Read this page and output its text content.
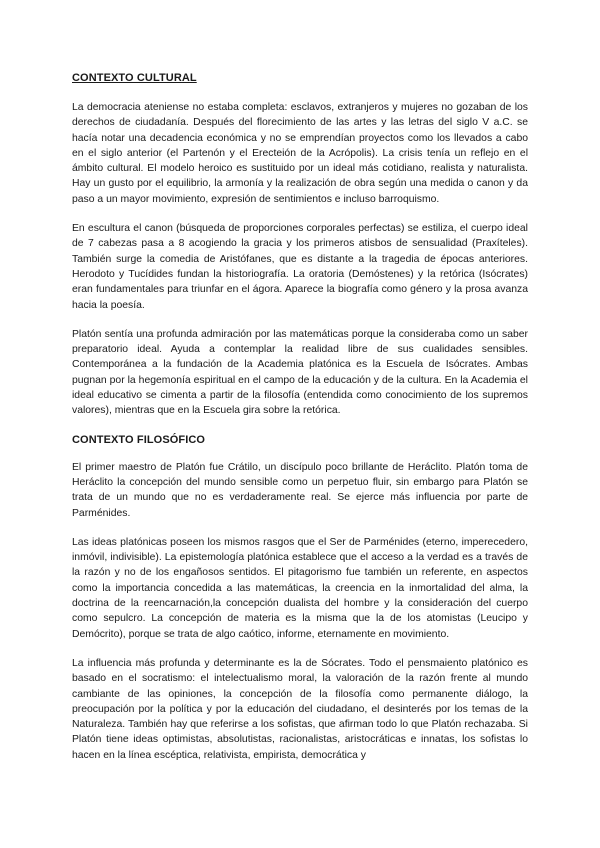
CONTEXTO CULTURAL

La democracia ateniense no estaba completa: esclavos, extranjeros y mujeres no gozaban de los derechos de ciudadanía. Después del florecimiento de las artes y las letras del siglo V a.C. se hacía notar una decadencia económica y no se emprendían proyectos como los llevados a cabo en el siglo anterior (el Partenón y el Erecteión de la Acrópolis). La crisis tenía un reflejo en el ámbito cultural. El modelo heroico es sustituido por un ideal más cotidiano, realista y naturalista. Hay un gusto por el equilibrio, la armonía y la realización de obra según una medida o canon y da paso a un mayor movimiento, expresión de sentimientos e incluso barroquismo.

En escultura el canon (búsqueda de proporciones corporales perfectas) se estiliza, el cuerpo ideal de 7 cabezas pasa a 8 acogiendo la gracia y los primeros atisbos de sensualidad (Praxíteles). También surge la comedia de Aristófanes, que es distante a la tragedia de épocas anteriores. Herodoto y Tucídides fundan la historiografía. La oratoria (Demóstenes) y la retórica (Isócrates) eran fundamentales para triunfar en el ágora. Aparece la biografía como género y la prosa avanza hacia la poesía.

Platón sentía una profunda admiración por las matemáticas porque la consideraba como un saber preparatorio ideal. Ayuda a contemplar la realidad libre de sus cualidades sensibles. Contemporánea a la fundación de la Academia platónica es la Escuela de Isócrates. Ambas pugnan por la hegemonía espiritual en el campo de la educación y de la cultura. En la Academia el ideal educativo se cimenta a partir de la filosofía (entendida como conocimiento de los supremos valores), mientras que en la Escuela gira sobre la retórica.

CONTEXTO FILOSÓFICO

El primer maestro de Platón fue Crátilo, un discípulo poco brillante de Heráclito. Platón toma de Heráclito la concepción del mundo sensible como un perpetuo fluir, sin embargo para Platón se trata de un mundo que no es verdaderamente real. Se ejerce más influencia por parte de Parménides.

Las ideas platónicas poseen los mismos rasgos que el Ser de Parménides (eterno, imperecedero, inmóvil, indivisible). La epistemología platónica establece que el acceso a la verdad es a través de la razón y no de los engañosos sentidos. El pitagorismo fue también un referente, en aspectos como la importancia concedida a las matemáticas, la creencia en la inmortalidad del alma, la doctrina de la reencarnación,la concepción dualista del hombre y la consideración del cuerpo como sepulcro. La concepción de materia es la misma que la de los atomistas (Leucipo y Demócrito), porque se trata de algo caótico, informe, eternamente en movimiento.

La influencia más profunda y determinante es la de Sócrates. Todo el pensmaiento platónico es basado en el socratismo: el intelectualismo moral, la valoración de la razón frente al mundo cambiante de las opiniones, la concepción de la filosofía como permanente diálogo, la preocupación por la política y por la educación del ciudadano, el desinterés por los temas de la Naturaleza. También hay que referirse a los sofistas, que afirman todo lo que Platón rechazaba. Si Platón tiene ideas optimistas, absolutistas, racionalistas, aristocráticas e innatas, los sofistas lo hacen en la línea escéptica, relativista, empirista, democrática y
